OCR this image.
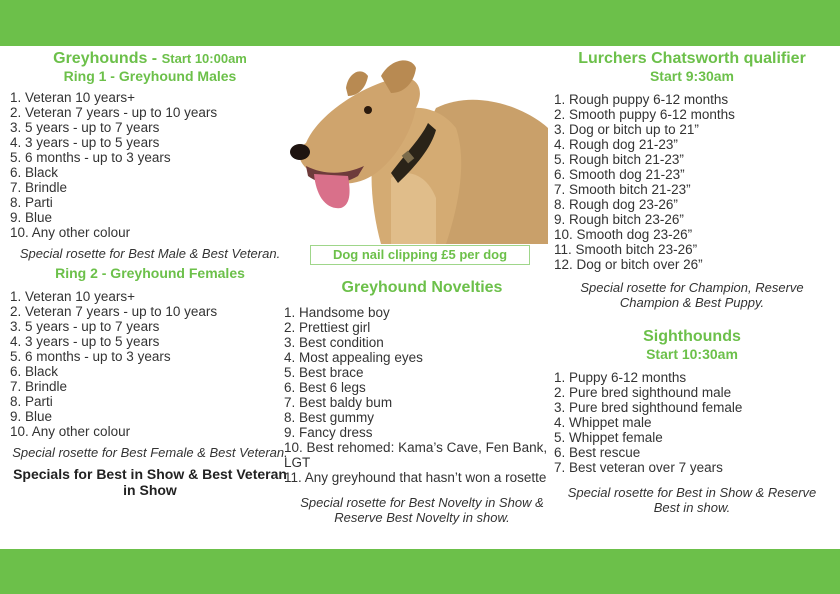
Greyhounds - Start 10:00am
Ring 1 - Greyhound Males
1. Veteran 10 years+
2. Veteran 7 years - up to 10 years
3. 5 years - up to 7 years
4. 3 years - up to 5 years
5. 6 months - up to 3 years
6. Black
7. Brindle
8. Parti
9. Blue
10. Any other colour
Special rosette for Best Male & Best Veteran.
Ring 2 - Greyhound Females
1. Veteran 10 years+
2. Veteran 7 years - up to 10 years
3. 5 years - up to 7 years
4. 3 years - up to 5 years
5. 6 months - up to 3 years
6. Black
7. Brindle
8. Parti
9. Blue
10. Any other colour
Special rosette for Best Female & Best Veteran.
Specials for Best in Show & Best Veteran in Show
Dog nail clipping £5 per dog
Greyhound Novelties
1. Handsome boy
2. Prettiest girl
3. Best condition
4. Most appealing eyes
5. Best brace
6. Best 6 legs
7. Best baldy bum
8. Best gummy
9. Fancy dress
10. Best rehomed: Kama’s Cave, Fen Bank, LGT
11. Any greyhound that hasn’t won a rosette
Special rosette for Best Novelty in Show & Reserve Best Novelty in show.
Lurchers Chatsworth qualifier
Start 9:30am
1. Rough puppy 6-12 months
2. Smooth puppy 6-12 months
3. Dog or bitch up to 21”
4. Rough dog 21-23”
5. Rough bitch 21-23”
6. Smooth dog 21-23”
7. Smooth bitch 21-23”
8. Rough dog 23-26”
9. Rough bitch 23-26”
10. Smooth dog 23-26”
11. Smooth bitch 23-26”
12. Dog or bitch over 26”
Special rosette for Champion, Reserve Champion & Best Puppy.
Sighthounds
Start 10:30am
1. Puppy 6-12 months
2. Pure bred sighthound male
3. Pure bred sighthound female
4. Whippet male
5. Whippet female
6. Best rescue
7. Best veteran over 7 years
Special rosette for Best in Show & Reserve Best in show.
